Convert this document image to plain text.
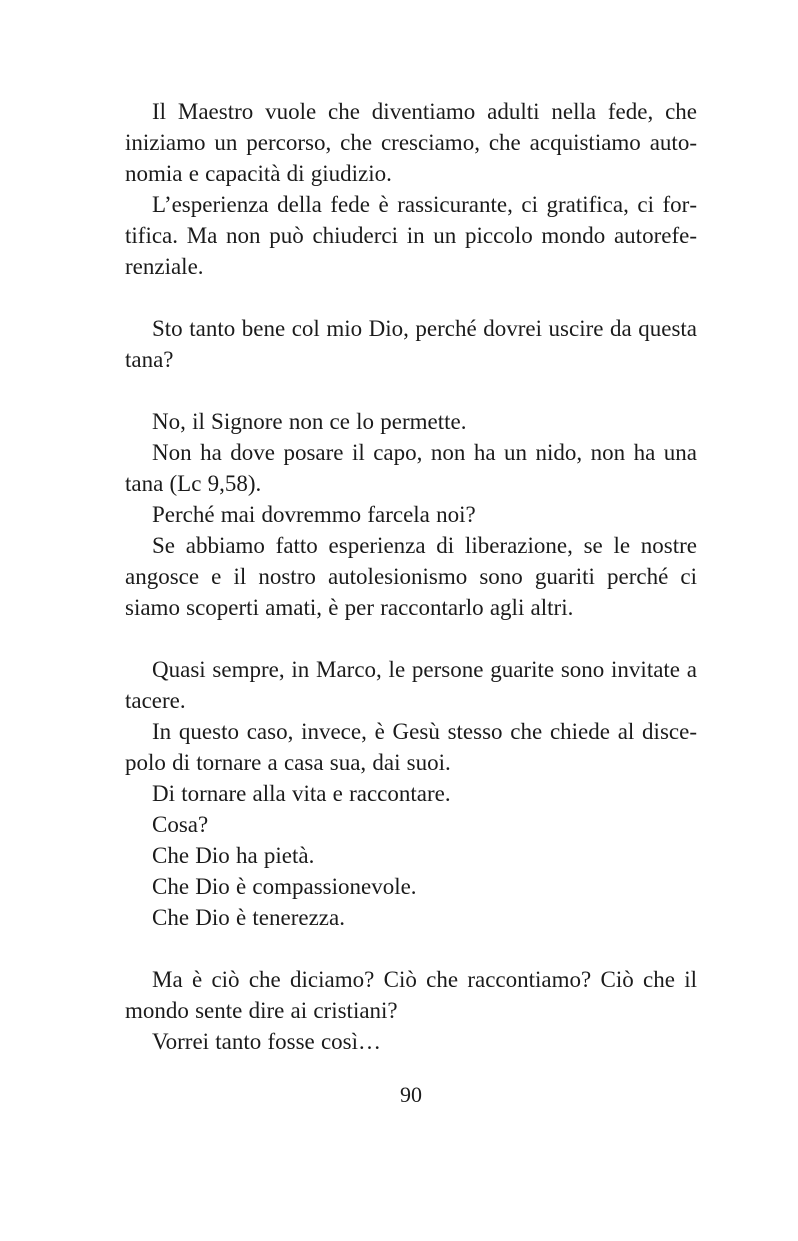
Il Maestro vuole che diventiamo adulti nella fede, che iniziamo un percorso, che cresciamo, che acquistiamo autonomia e capacità di giudizio.

L’esperienza della fede è rassicurante, ci gratifica, ci fortifica. Ma non può chiuderci in un piccolo mondo autoreferenziale.

Sto tanto bene col mio Dio, perché dovrei uscire da questa tana?

No, il Signore non ce lo permette.

Non ha dove posare il capo, non ha un nido, non ha una tana (Lc 9,58).

Perché mai dovremmo farcela noi?

Se abbiamo fatto esperienza di liberazione, se le nostre angosce e il nostro autolesionismo sono guariti perché ci siamo scoperti amati, è per raccontarlo agli altri.

Quasi sempre, in Marco, le persone guarite sono invitate a tacere.

In questo caso, invece, è Gesù stesso che chiede al discepolo di tornare a casa sua, dai suoi.

Di tornare alla vita e raccontare.

Cosa?

Che Dio ha pietà.

Che Dio è compassionevole.

Che Dio è tenerezza.

Ma è ciò che diciamo? Ciò che raccontiamo? Ciò che il mondo sente dire ai cristiani?

Vorrei tanto fosse così…

90
